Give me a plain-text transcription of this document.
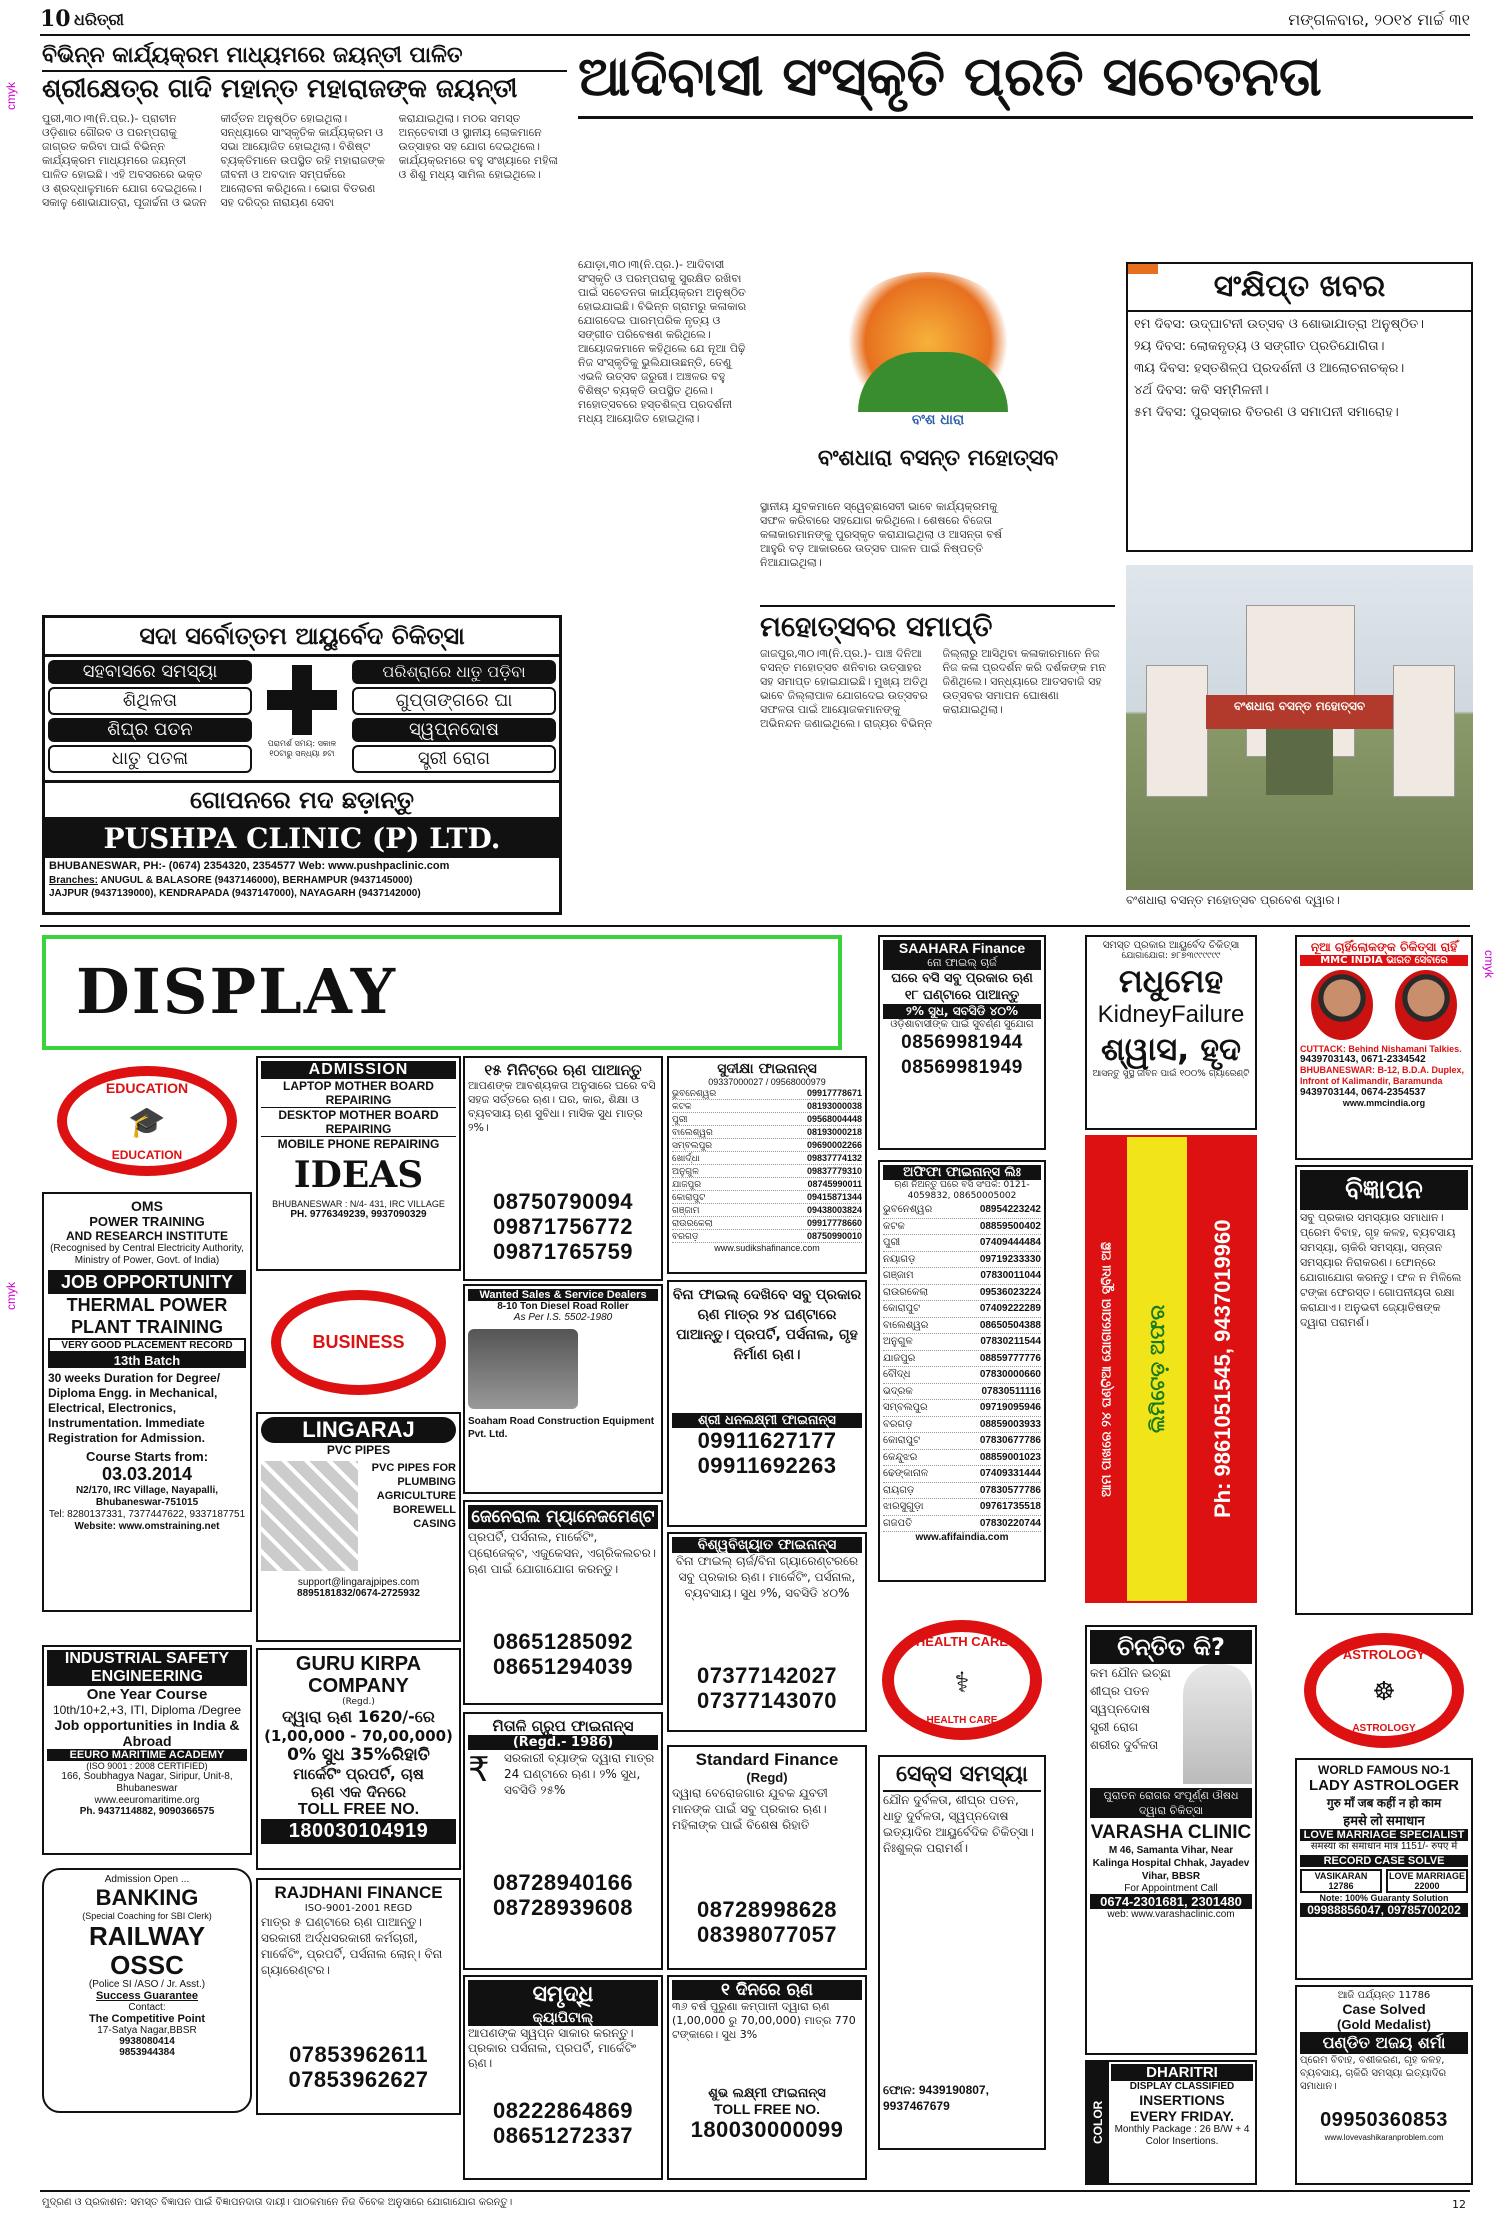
10 ଧରିତ୍ରୀ	ମଙ୍ଗଳବାର, ୨୦୧୪ ମାର୍ଚ୍ଚ ୩୧
cmyk
cmyk
cmyk
ବିଭିନ୍ନ କାର୍ଯ୍ୟକ୍ରମ ମାଧ୍ୟମରେ ଜୟନ୍ତୀ ପାଳିତ
ଶ୍ରୀକ୍ଷେତ୍ର ଗାଦି ମହାନ୍ତ ମହାରାଜଙ୍କ ଜୟନ୍ତୀ
ପୁରୀ,୩୦।୩(ନି.ପ୍ର.)- ପ୍ରାଚୀନ ଓଡ଼ିଶାର ଗୌରବ ଓ ପରମ୍ପରାକୁ ଜାଗ୍ରତ କରିବା ପାଇଁ ବିଭିନ୍ନ କାର୍ଯ୍ୟକ୍ରମ ମାଧ୍ୟମରେ ଜୟନ୍ତୀ ପାଳିତ ହୋଇଛି। ଏହି ଅବସରରେ ଭକ୍ତ ଓ ଶ୍ରଦ୍ଧାଳୁମାନେ ଯୋଗ ଦେଇଥିଲେ। ସକାଳୁ ଶୋଭାଯାତ୍ରା, ପୂଜାର୍ଚ୍ଚନା ଓ ଭଜନ କୀର୍ତ୍ତନ ଅନୁଷ୍ଠିତ ହୋଇଥିଲା। ସନ୍ଧ୍ୟାରେ ସାଂସ୍କୃତିକ କାର୍ଯ୍ୟକ୍ରମ ଓ ସଭା ଆୟୋଜିତ ହୋଇଥିଲା। ବିଶିଷ୍ଟ ବ୍ୟକ୍ତିମାନେ ଉପସ୍ଥିତ ରହି ମହାରାଜଙ୍କ ଜୀବନୀ ଓ ଅବଦାନ ସମ୍ପର୍କରେ ଆଲୋଚନା କରିଥିଲେ। ଭୋଗ ବିତରଣ ସହ ଦରିଦ୍ର ନାରାୟଣ ସେବା କରାଯାଇଥିଲା। ମଠର ସମସ୍ତ ଅନ୍ତେବାସୀ ଓ ସ୍ଥାନୀୟ ଲୋକମାନେ ଉତ୍ସାହର ସହ ଯୋଗ ଦେଇଥିଲେ। କାର୍ଯ୍ୟକ୍ରମରେ ବହୁ ସଂଖ୍ୟାରେ ମହିଳା ଓ ଶିଶୁ ମଧ୍ୟ ସାମିଲ ହୋଇଥିଲେ।
ସଦା ସର୍ବୋତ୍ତମ ଆୟୁର୍ବେଦ ଚିକିତ୍ସା
ସହବାସରେ ସମସ୍ୟା
ଶିଥିଳତା
ଶିଘ୍ର ପତନ
ଧାତୁ ପତଳା
ପରାମର୍ଶ ସମୟ: ସକାଳ ୧୦ଟାରୁ ସନ୍ଧ୍ୟା ୭ଟା
ପରିଶ୍ରାରେ ଧାତୁ ପଡ଼ିବା
ଗୁପ୍ତାଙ୍ଗରେ ଘା
ସ୍ୱପ୍ନଦୋଷ
ସ୍ତ୍ରୀ ରୋଗ
ଗୋପନରେ ମଦ ଛଡ଼ାନ୍ତୁ
PUSHPA CLINIC (P) LTD.
BHUBANESWAR, PH:- (0674) 2354320, 2354577 Web: www.pushpaclinic.com
Branches: ANUGUL & BALASORE (9437146000), BERHAMPUR (9437145000)
JAJPUR (9437139000), KENDRAPADA (9437147000), NAYAGARH (9437142000)
ଆଦିବାସୀ ସଂସ୍କୃତି ପ୍ରତି ସଚେତନତା
ଯୋଡ଼ା,୩୦।୩(ନି.ପ୍ର.)- ଆଦିବାସୀ ସଂସ୍କୃତି ଓ ପରମ୍ପରାକୁ ସୁରକ୍ଷିତ ରଖିବା ପାଇଁ ସଚେତନତା କାର୍ଯ୍ୟକ୍ରମ ଅନୁଷ୍ଠିତ ହୋଇଯାଇଛି। ବିଭିନ୍ନ ଗ୍ରାମରୁ କଳାକାର ଯୋଗଦେଇ ପାରମ୍ପରିକ ନୃତ୍ୟ ଓ ସଙ୍ଗୀତ ପରିବେଷଣ କରିଥିଲେ। ଆୟୋଜକମାନେ କହିଥିଲେ ଯେ ନୂଆ ପିଢ଼ି ନିଜ ସଂସ୍କୃତିକୁ ଭୁଲିଯାଉଛନ୍ତି, ତେଣୁ ଏଭଳି ଉତ୍ସବ ଜରୁରୀ। ଅଞ୍ଚଳର ବହୁ ବିଶିଷ୍ଟ ବ୍ୟକ୍ତି ଉପସ୍ଥିତ ଥିଲେ। ମହୋତ୍ସବରେ ହସ୍ତଶିଳ୍ପ ପ୍ରଦର୍ଶନୀ ମଧ୍ୟ ଆୟୋଜିତ ହୋଇଥିଲା।
ସ୍ଥାନୀୟ ଯୁବକମାନେ ସ୍ୱେଚ୍ଛାସେବୀ ଭାବେ କାର୍ଯ୍ୟକ୍ରମକୁ ସଫଳ କରିବାରେ ସହଯୋଗ କରିଥିଲେ। ଶେଷରେ ବିଜେତା କଳାକାରମାନଙ୍କୁ ପୁରସ୍କୃତ କରାଯାଇଥିଲା ଓ ଆସନ୍ତା ବର୍ଷ ଆହୁରି ବଡ଼ ଆକାରରେ ଉତ୍ସବ ପାଳନ ପାଇଁ ନିଷ୍ପତ୍ତି ନିଆଯାଇଥିଲା।
ବଂଶ ଧାରା
ବଂଶଧାରା ବସନ୍ତ ମହୋତ୍ସବ
ସଂକ୍ଷିପ୍ତ ଖବର
୧ମ ଦିବସ: ଉଦ୍‌ଘାଟନୀ ଉତ୍ସବ ଓ ଶୋଭାଯାତ୍ରା ଅନୁଷ୍ଠିତ।
୨ୟ ଦିବସ: ଲୋକନୃତ୍ୟ ଓ ସଙ୍ଗୀତ ପ୍ରତିଯୋଗିତା।
୩ୟ ଦିବସ: ହସ୍ତଶିଳ୍ପ ପ୍ରଦର୍ଶନୀ ଓ ଆଲୋଚନାଚକ୍ର।
୪ର୍ଥ ଦିବସ: କବି ସମ୍ମିଳନୀ।
୫ମ ଦିବସ: ପୁରସ୍କାର ବିତରଣ ଓ ସମାପନୀ ସମାରୋହ।
ମହୋତ୍ସବର ସମାପ୍ତି
ଜାଜପୁର,୩୦।୩(ନି.ପ୍ର.)- ପାଞ୍ଚ ଦିନିଆ ବସନ୍ତ ମହୋତ୍ସବ ଶନିବାର ଉତ୍ସାହର ସହ ସମାପ୍ତ ହୋଇଯାଇଛି। ମୁଖ୍ୟ ଅତିଥି ଭାବେ ଜିଲ୍ଲାପାଳ ଯୋଗଦେଇ ଉତ୍ସବର ସଫଳତା ପାଇଁ ଆୟୋଜକମାନଙ୍କୁ ଅଭିନନ୍ଦନ ଜଣାଇଥିଲେ। ରାଜ୍ୟର ବିଭିନ୍ନ ଜିଲ୍ଲାରୁ ଆସିଥିବା କଳାକାରମାନେ ନିଜ ନିଜ କଳା ପ୍ରଦର୍ଶନ କରି ଦର୍ଶକଙ୍କ ମନ ଜିଣିଥିଲେ। ସନ୍ଧ୍ୟାରେ ଆତସବାଜି ସହ ଉତ୍ସବର ସମାପନ ଘୋଷଣା କରାଯାଇଥିଲା।	ବଂଶଧାରା ବସନ୍ତ ମହୋତ୍ସବ
ବଂଶଧାରା ବସନ୍ତ ମହୋତ୍ସବ ପ୍ରବେଶ ଦ୍ୱାର।
DISPLAY
EDUCATION
🎓
EDUCATION
OMS
POWER TRAINING
AND RESEARCH INSTITUTE
(Recognised by Central Electricity Authority, Ministry of Power, Govt. of India)
JOB OPPORTUNITY
THERMAL POWER PLANT TRAINING
VERY GOOD PLACEMENT RECORD
13th Batch
30 weeks Duration for Degree/ Diploma Engg. in Mechanical, Electrical, Electronics, Instrumentation. Immediate Registration for Admission.
Course Starts from:
03.03.2014
N2/170, IRC Village, Nayapalli, Bhubaneswar-751015
Tel: 8280137331, 7377447622, 9337187751
Website: www.omstraining.net
INDUSTRIAL SAFETY ENGINEERING
One Year Course
10th/10+2,+3, ITI, Diploma /Degree
Job opportunities in India & Abroad
EEURO MARITIME ACADEMY
(ISO 9001 : 2008 CERTIFIED)
166, Soubhagya Nagar, Siripur, Unit-8, Bhubaneswar
www.eeuromaritime.org
Ph. 9437114882, 9090366575
Admission Open ...
BANKING
(Special Coaching for SBI Clerk)
RAILWAY
OSSC
(Police SI /ASO / Jr. Asst.)
Success Guarantee
Contact:
The Competitive Point
17-Satya Nagar,BBSR
9938080414
9853944384
ADMISSION
LAPTOP MOTHER BOARD REPAIRING
DESKTOP MOTHER BOARD REPAIRING
MOBILE PHONE REPAIRING
IDEAS
BHUBANESWAR : N/4- 431, IRC VILLAGE
PH. 9776349239, 9937090329
BUSINESS
LINGARAJ
PVC PIPES
PVC PIPES FOR PLUMBING AGRICULTURE BOREWELL CASING
support@lingarajpipes.com
8895181832/0674-2725932
GURU KIRPA COMPANY
(Regd.)
ଦ୍ୱାରା ଋଣ 1620/-ରେ
(1,00,000 - 70,00,000)
0% ସୁଧ 35%ରିହାତି
ମାର୍କେଟିଂ ପ୍ରପର୍ଟି, ଚାଷ
ଋଣ ଏକ ଦିନରେ
TOLL FREE NO.
180030104919
RAJDHANI FINANCE
ISO-9001-2001 REGD
ମାତ୍ର ୫ ଘଣ୍ଟାରେ ଋଣ ପାଆନ୍ତୁ। ସରକାରୀ ଅର୍ଦ୍ଧସରକାରୀ କର୍ମଚାରୀ, ମାର୍କେଟିଂ, ପ୍ରପର୍ଟି, ପର୍ସନାଲ ଲୋନ୍। ବିନା ଗ୍ୟାରେଣ୍ଟର।
07853962611
07853962627
୧୫ ମିନିଟ୍‌ରେ ଋଣ ପାଆନ୍ତୁ
ଆପଣଙ୍କ ଆବଶ୍ୟକତା ଅନୁସାରେ ଘରେ ବସି ସହଜ ସର୍ତ୍ତରେ ଋଣ। ଘର, କାର, ଶିକ୍ଷା ଓ ବ୍ୟବସାୟ ଋଣ ସୁବିଧା। ମାସିକ ସୁଧ ମାତ୍ର ୨%।
08750790094
09871756772
09871765759
Wanted Sales & Service Dealers
8-10 Ton Diesel Road Roller
As Per I.S. 5502-1980
Soaham Road Construction Equipment Pvt. Ltd.
ଜେନେରାଲ ମ୍ୟାନେଜମେଣ୍ଟ
ପ୍ରପର୍ଟି, ପର୍ସନାଲ, ମାର୍କେଟିଂ, ପ୍ରୋଜେକ୍ଟ, ଏଜୁକେସନ, ଏଗ୍ରିକଲଚର। ଋଣ ପାଇଁ ଯୋଗାଯୋଗ କରନ୍ତୁ।
08651285092
08651294039
ମିତାଳି ଗ୍ରୁପ ଫାଇନାନ୍ସ
(Regd.- 1986)
₹	ସରକାରୀ ବ୍ୟାଙ୍କ ଦ୍ୱାରା ମାତ୍ର 24 ଘଣ୍ଟାରେ ଋଣ। ୨% ସୁଧ, ସବସିଡି ୨୫%
08728940166
08728939608
ସମୃଦ୍ଧି
କ୍ୟାପିଟାଲ୍
ଆପଣଙ୍କ ସ୍ୱପ୍ନ ସାକାର କରନ୍ତୁ। ପ୍ରକାର ପର୍ସନାଲ, ପ୍ରପର୍ଟି, ମାର୍କେଟିଂ ଋଣ।
08222864869
08651272337
ସୁଦୀକ୍ଷା ଫାଇନାନ୍ସ
09337000027 / 09568000979
ଭୁବନେଶ୍ୱର	09917778671
କଟକ	08193000038
ପୁରୀ	09568004448
ବାଲେଶ୍ୱର	08193000218
ସମ୍ବଲପୁର	09690002266
ଖୋର୍ଦ୍ଧା	09837774132
ଅନୁଗୁଳ	09837779310
ଯାଜପୁର	08745990011
କୋରାପୁଟ	09415871344
ଗଞ୍ଜାମ	09438003824
ରାଉରକେଲା	09917778660
ବରଗଡ଼	08750990010
www.sudikshafinance.com
ବିନା ଫାଇଲ୍ ଦେଖିବେ ସବୁ ପ୍ରକାର ଋଣ ମାତ୍ର ୨୪ ଘଣ୍ଟାରେ ପାଆନ୍ତୁ। ପ୍ରପର୍ଟି, ପର୍ସନାଲ, ଗୃହ ନିର୍ମାଣ ଋଣ।
ଶ୍ରୀ ଧନଲକ୍ଷ୍ମୀ ଫାଇନାନ୍ସ
09911627177
09911692263
ବିଶ୍ୱବିଖ୍ୟାତ ଫାଇନାନ୍ସ
ବିନା ଫାଇଲ୍ ଚାର୍ଜ/ବିନା ଗ୍ୟାରେଣ୍ଟରରେ ସବୁ ପ୍ରକାର ଋଣ। ମାର୍କେଟିଂ, ପର୍ସନାଲ, ବ୍ୟବସାୟ। ସୁଧ ୨%, ସବସିଡି ୪୦%
07377142027
07377143070
Standard Finance
(Regd)
ଦ୍ୱାରା ବେରୋଜଗାର ଯୁବକ ଯୁବତୀ ମାନଙ୍କ ପାଇଁ ସବୁ ପ୍ରକାର ଋଣ। ମହିଳାଙ୍କ ପାଇଁ ବିଶେଷ ରିହାତି
08728998628
08398077057
୧ ଦିନରେ ଋଣ
୩୬ ବର୍ଷ ପୁରୁଣା କମ୍ପାନୀ ଦ୍ୱାରା ଋଣ (1,00,000 ରୁ 70,00,000) ମାତ୍ର 770 ଟଙ୍କାରେ। ସୁଧ 3%
ଶୁଭ ଲକ୍ଷ୍ମୀ ଫାଇନାନ୍ସ
TOLL FREE NO.
180030000099
SAAHARA Finance
ନୋ ଫାଇଲ୍ ଚାର୍ଜ
ଘରେ ବସି ସବୁ ପ୍ରକାର ଋଣ ୧୮ ଘଣ୍ଟାରେ ପାଆନ୍ତୁ
୨% ସୁଧ, ସବସିଡି ୪୦%
ଓଡ଼ିଶାବାସୀଙ୍କ ପାଇଁ ସୁବର୍ଣ୍ଣ ସୁଯୋଗ
08569981944
08569981949
ଅଫିଫା ଫାଇନାନ୍ସ ଲିଃ
ଋଣ ନିଅନ୍ତୁ ଘରେ ବସି ସଂପର୍କ: 0121-4059832, 08650005002
ଭୁବନେଶ୍ୱର	08954223242
କଟକ	08859500402
ପୁରୀ	07409444484
ନୟାଗଡ଼	09719233330
ଗଞ୍ଜାମ	07830011044
ରାଉରକେଲା	09536023224
କୋରାପୁଟ	07409222289
ବାଲେଶ୍ୱର	08650504388
ଅନୁଗୁଳ	07830211544
ଯାଜପୁର	08859777776
ବୌଦ୍ଧ	07830000660
ଭଦ୍ରକ	07830511116
ସମ୍ବଲପୁର	09719095946
ବରଗଡ଼	08859003933
କୋରାପୁଟ	07830677786
କେନ୍ଦୁଝର	08859001023
ଢେଙ୍କାନାଳ	07409331444
ରାୟଗଡ଼	07830577786
ଝାରସୁଗୁଡ଼ା	09761735518
ଗଜପତି	07830220744
www.afifaindia.com
HEALTH CARE
⚕
HEALTH CARE
ସେକ୍ସ ସମସ୍ୟା
ଯୌନ ଦୁର୍ବଳତା, ଶୀଘ୍ର ପତନ, ଧାତୁ ଦୁର୍ବଳତା, ସ୍ୱପ୍ନଦୋଷ ଇତ୍ୟାଦିର ଆୟୁର୍ବେଦିକ ଚିକିତ୍ସା। ନିଃଶୁଳ୍କ ପରାମର୍ଶ।
ଫୋନ: 9439190807, 9937467679
ସମସ୍ତ ପ୍ରକାର ଆୟୁର୍ବେଦ ଚିକିତ୍ସା
ଯୋଗାଯୋଗ: ୭୮୭୩୯୯୯୯୯୯
ମଧୁମେହ
KidneyFailure
ଶ୍ୱାସ, ହୃଦ
ଆସନ୍ତୁ ସୁସ୍ଥ ଜୀବନ ପାଇଁ ୧୦୦% ଗ୍ୟାରେଣ୍ଟି
ଆମ ପାଖରେ ୨୪ ଘଣ୍ଟିଆ ଯୋଗାଯୋଗ ସୁବିଧା ଅଛି ଲିମିଟେଡ଼ ଅଫର Ph: 9861051545, 9437019960
ଚିନ୍ତିତ କି?
କମ ଯୌନ ଇଚ୍ଛା
ଶୀଘ୍ର ପତନ
ସ୍ୱପ୍ନଦୋଷ
ସ୍ତ୍ରୀ ରୋଗ
ଶରୀର ଦୁର୍ବଳତା
ପୁରାତନ ରୋଗର ସଂପୂର୍ଣ୍ଣ ଔଷଧ ଦ୍ୱାରା ଚିକିତ୍ସା
VARASHA CLINIC
M 46, Samanta Vihar, Near Kalinga Hospital Chhak, Jayadev Vihar, BBSR
For Appointment Call
0674-2301681, 2301480
web: www.varashaclinic.com
COLOR
DHARITRI
DISPLAY CLASSIFIED
INSERTIONS
EVERY FRIDAY.
Monthly Package : 26 B/W + 4 Color Insertions.
ନୂଆ ଚାହିଁଲୋକଙ୍କ ଚିକିତ୍ସା ରାହିଁ
MMC INDIA ଭାରତ ସେବାରେ
CUTTACK: Behind Nishamani Talkies.
9439703143, 0671-2334542
BHUBANESWAR: B-12, B.D.A. Duplex, Infront of Kalimandir, Baramunda
9439703144, 0674-2354537
www.mmcindia.org
ବିଜ୍ଞାପନ
ସବୁ ପ୍ରକାର ସମସ୍ୟାର ସମାଧାନ। ପ୍ରେମ ବିବାହ, ଗୃହ କଳହ, ବ୍ୟବସାୟ ସମସ୍ୟା, ଚାକିରି ସମସ୍ୟା, ସନ୍ତାନ ସମସ୍ୟାର ନିରାକରଣ। ଫୋନ୍‌ରେ ଯୋଗାଯୋଗ କରନ୍ତୁ। ଫଳ ନ ମିଳିଲେ ଟଙ୍କା ଫେରସ୍ତ। ଗୋପନୀୟତା ରକ୍ଷା କରାଯାଏ। ଅନୁଭବୀ ଜ୍ୟୋତିଷଙ୍କ ଦ୍ୱାରା ପରାମର୍ଶ।
ASTROLOGY
☸
ASTROLOGY
WORLD FAMOUS NO-1
LADY ASTROLOGER
गुरु माँ जब कहीं न हो काम
हमसे लो समाधान
LOVE MARRIAGE SPECIALIST
समस्या का समाधान मात्र 1151/- रुपए में
RECORD CASE SOLVE
VASIKARAN 12786
LOVE MARRIAGE 22000
Note: 100% Guaranty Solution
09988856047, 09785700202
ଆଜି ପର୍ଯ୍ୟନ୍ତ 11786
Case Solved
(Gold Medalist)
ପଣ୍ଡିତ ଅଜୟ ଶର୍ମା
ପ୍ରେମ ବିବାହ, ବଶୀକରଣ, ଗୃହ କଳହ, ବ୍ୟବସାୟ, ଚାକିରି ସମସ୍ୟା ଇତ୍ୟାଦିର ସମାଧାନ।
09950360853
www.lovevashikaranproblem.com
ମୁଦ୍ରଣ ଓ ପ୍ରକାଶନ: ସମସ୍ତ ବିଜ୍ଞାପନ ପାଇଁ ବିଜ୍ଞାପନଦାତା ଦାୟୀ। ପାଠକମାନେ ନିଜ ବିବେକ ଅନୁସାରେ ଯୋଗାଯୋଗ କରନ୍ତୁ।	12
